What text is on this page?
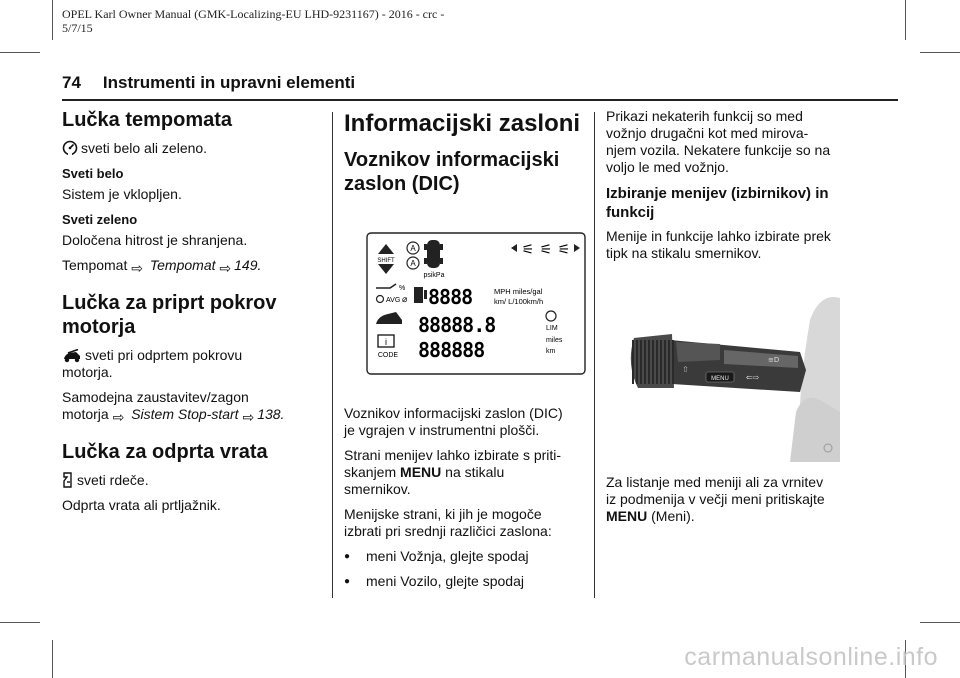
OPEL Karl Owner Manual (GMK-Localizing-EU LHD-9231167) - 2016 - crc -
5/7/15
74 Instrumenti in upravni elementi
Lučka tempomata

sveti belo ali zeleno.

Sveti belo

Sistem je vklopljen.

Sveti zeleno

Določena hitrost je shranjena.

Tempomat ⇨ Tempomat ⇨ 149.

Lučka za priprt pokrov
motorja

sveti pri odprtem pokrovu
motorja.

Samodejna zaustavitev/zagon
motorja ⇨ Sistem Stop-start ⇨ 138.

Lučka za odprta vrata

sveti rdeče.

Odprta vrata ali prtljažnik.

Informacijski zasloni
Voznikov informacijski
zaslon (DIC)
SHIFT
A
A
psikPa
⚟ ⚟ ⚟
%
AVG ⌀ 8888	MPH miles/gal
km/ L/100km/h
i
CODE
88888.8
888888
LIM
miles
km

Voznikov informacijski zaslon (DIC)
je vgrajen v instrumentni plošči.

Strani menijev lahko izbirate s priti-
skanjem MENU na stikalu
smernikov.

Menijske strani, ki jih je mogoče
izbrati pri srednji različici zaslona:

● meni Vožnja, glejte spodaj

● meni Vozilo, glejte spodaj

Prikazi nekaterih funkcij so med
vožnjo drugačni kot med mirova-
njem vozila. Nekatere funkcije so na
voljo le med vožnjo.

Izbiranje menijev (izbirnikov) in
funkcij

Menije in funkcije lahko izbirate prek
tipk na stikalu smernikov.

MENU ⇐⇨
≡D
⇧

Za listanje med meniji ali za vrnitev
iz podmenija v večji meni pritiskajte
MENU (Meni).

carmanualsonline.info
